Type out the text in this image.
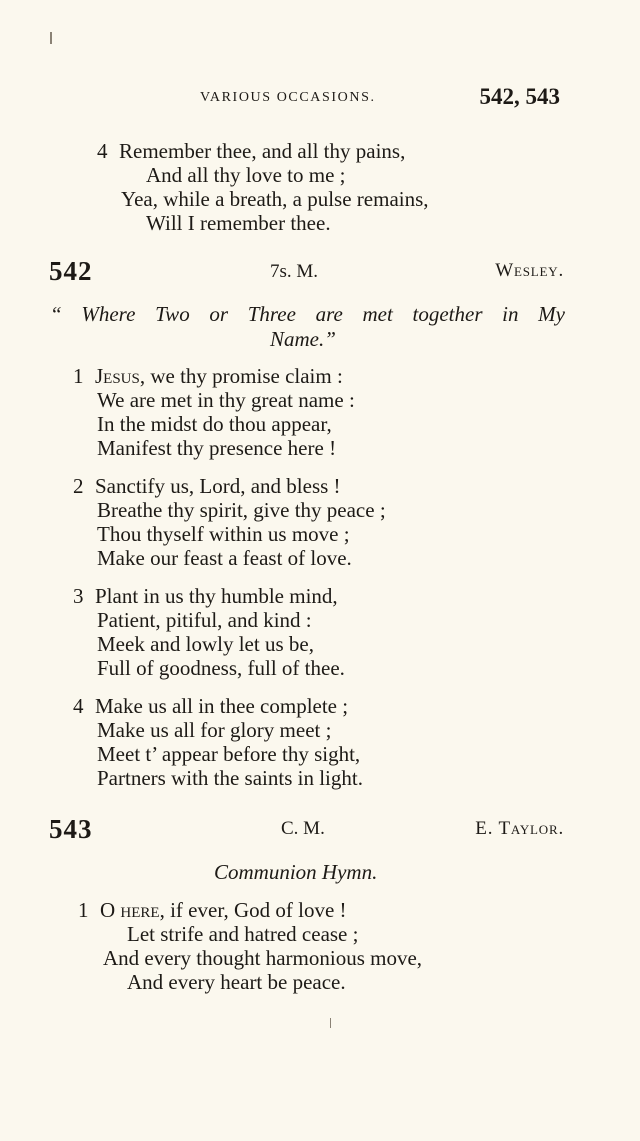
VARIOUS OCCASIONS.	542, 543
4 Remember thee, and all thy pains,
And all thy love to me ;
Yea, while a breath, a pulse remains,
Will I remember thee.
542	7s. M.	Wesley.
“ Where Two or Three are met together in My
Name.”
1 Jesus, we thy promise claim :
We are met in thy great name :
In the midst do thou appear,
Manifest thy presence here !
2 Sanctify us, Lord, and bless !
Breathe thy spirit, give thy peace ;
Thou thyself within us move ;
Make our feast a feast of love.
3 Plant in us thy humble mind,
Patient, pitiful, and kind :
Meek and lowly let us be,
Full of goodness, full of thee.
4 Make us all in thee complete ;
Make us all for glory meet ;
Meet t’ appear before thy sight,
Partners with the saints in light.
543	C. M.	E. Taylor.
Communion Hymn.
1 O here, if ever, God of love !
Let strife and hatred cease ;
And every thought harmonious move,
And every heart be peace.
